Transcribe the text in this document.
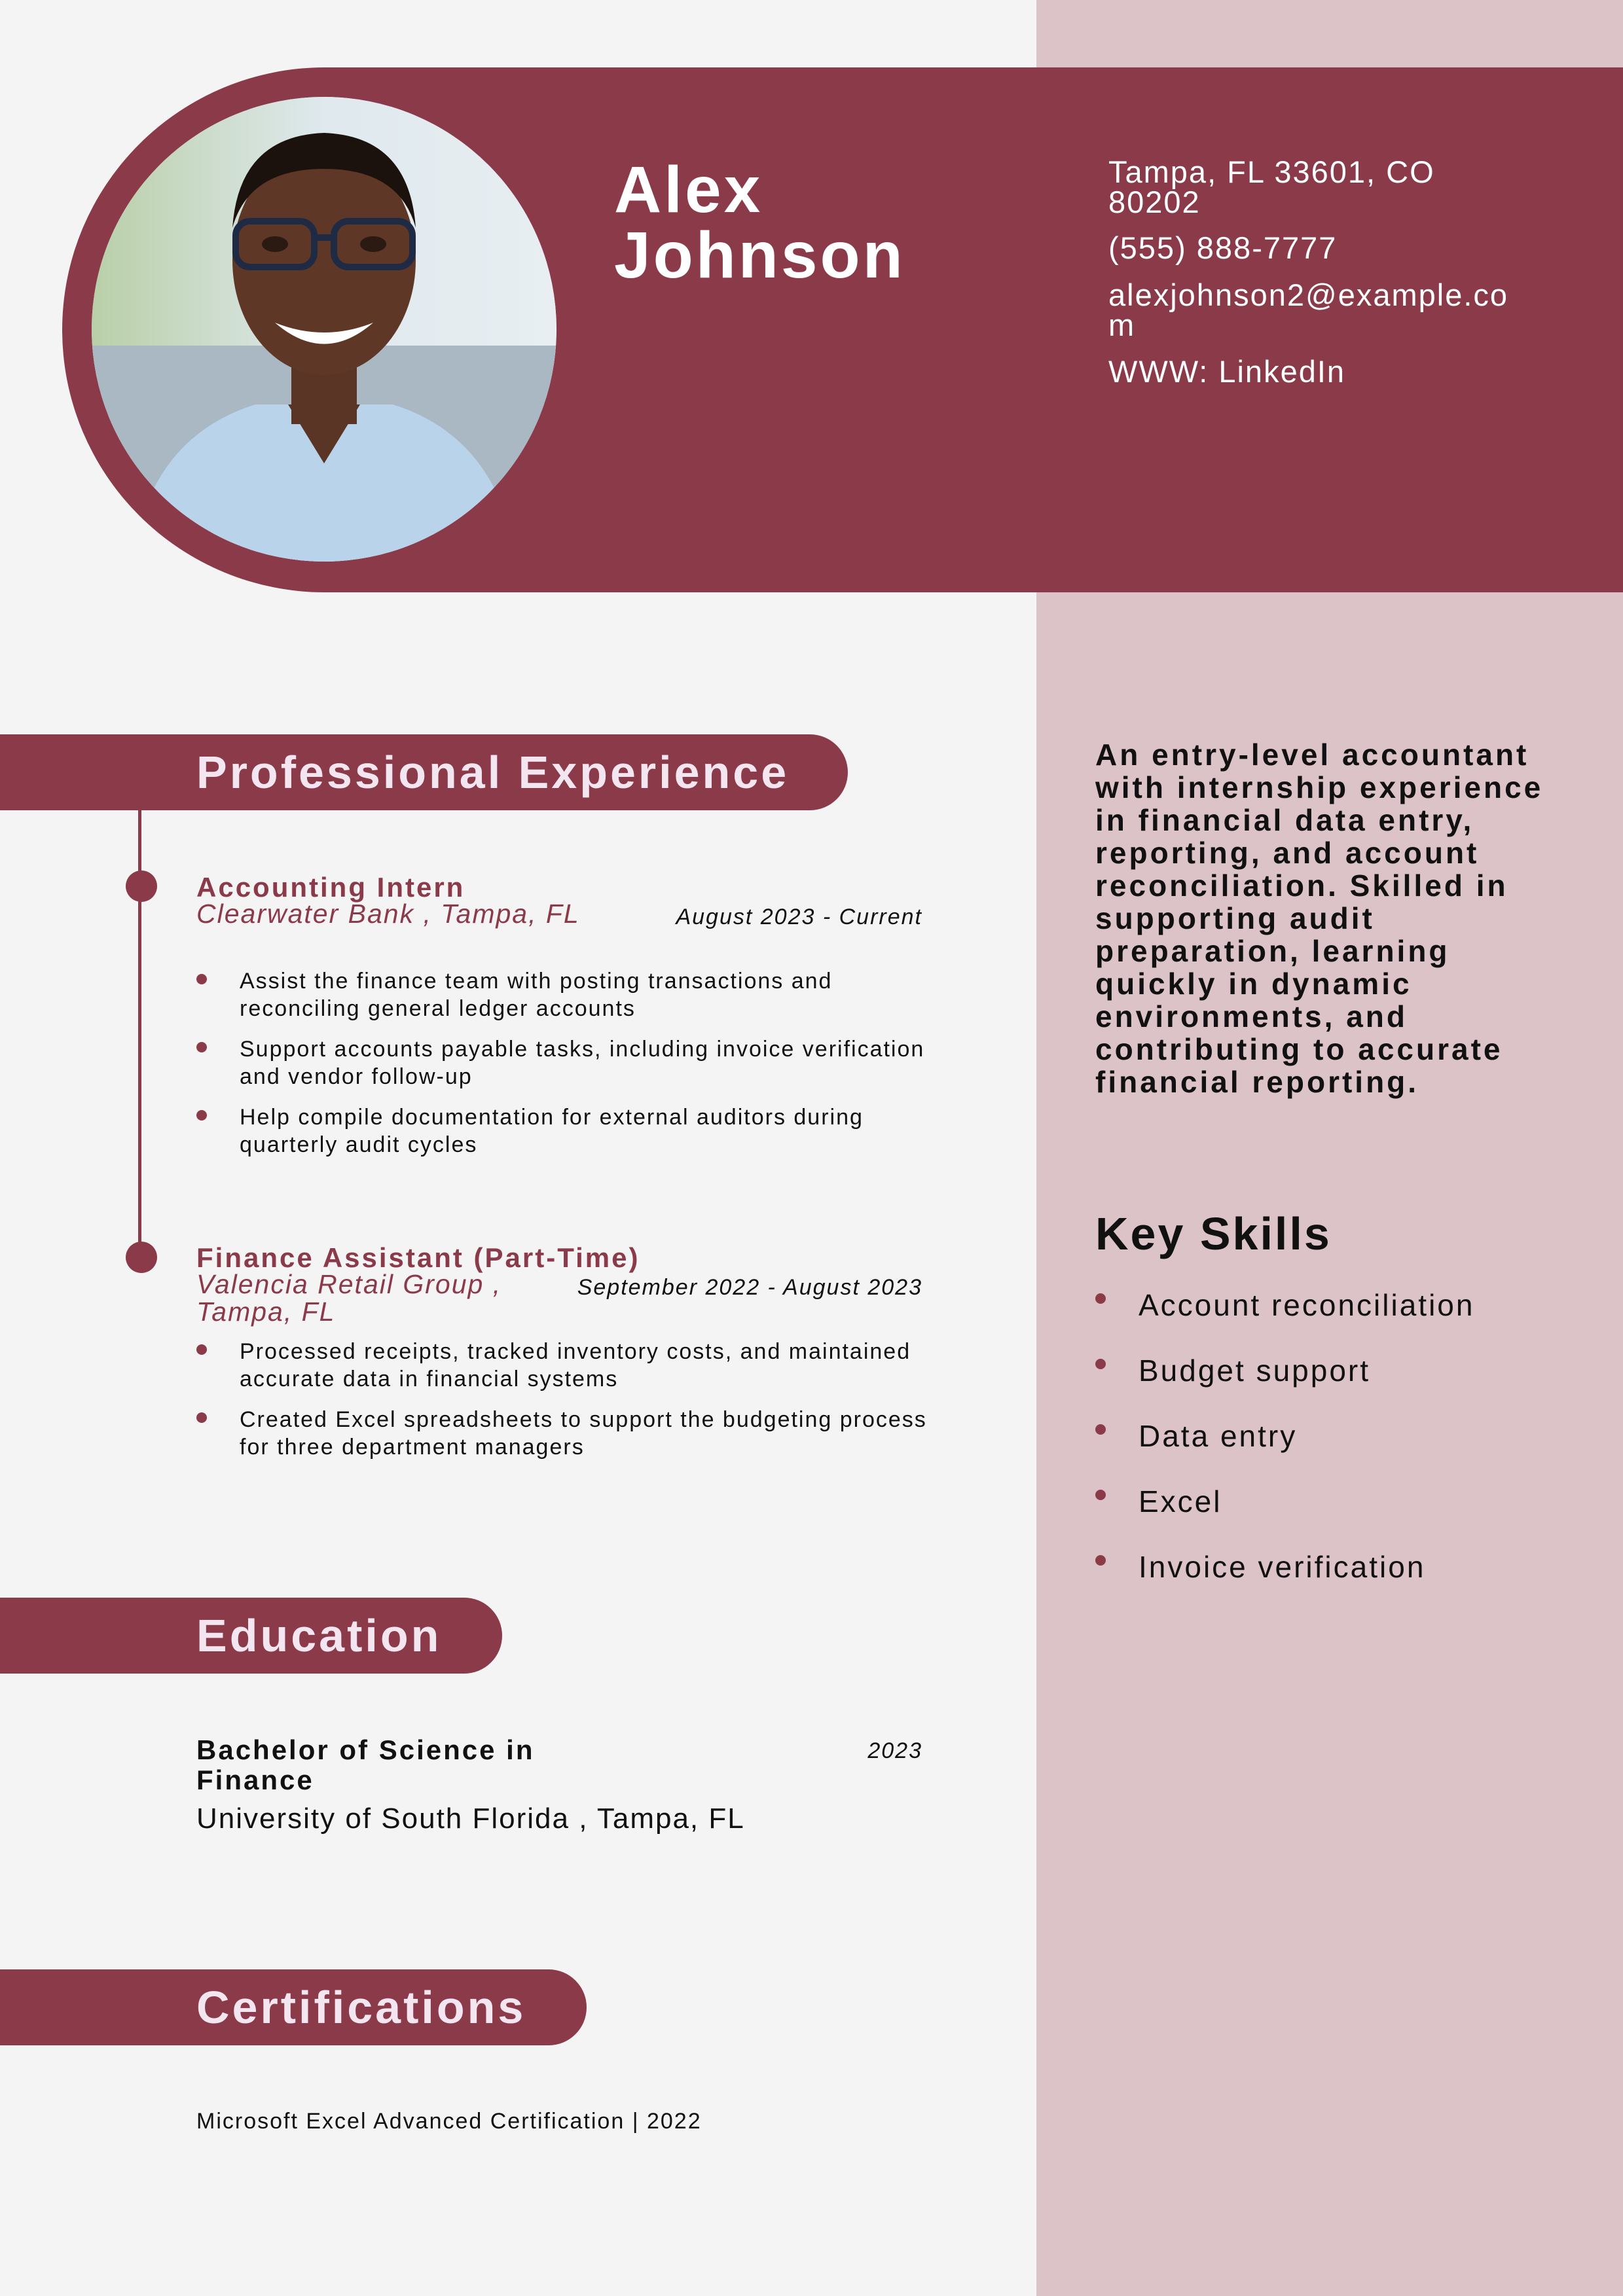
Alex
Johnson
Tampa, FL 33601, CO 80202
(555) 888-7777
alexjohnson2@example.com
WWW: LinkedIn
Professional Experience
Accounting Intern
Clearwater Bank , Tampa, FL	August 2023 - Current
Assist the finance team with posting transactions and reconciling general ledger accounts
Support accounts payable tasks, including invoice verification and vendor follow-up
Help compile documentation for external auditors during quarterly audit cycles
Finance Assistant (Part-Time)
Valencia Retail Group , Tampa, FL
September 2022 - August 2023
Processed receipts, tracked inventory costs, and maintained accurate data in financial systems
Created Excel spreadsheets to support the budgeting process for three department managers
Education
Bachelor of Science in Finance
2023
University of South Florida , Tampa, FL
Certifications
Microsoft Excel Advanced Certification | 2022
An entry-level accountant with internship experience in financial data entry, reporting, and account reconciliation. Skilled in supporting audit preparation, learning quickly in dynamic environments, and contributing to accurate financial reporting.
Key Skills
Account reconciliation
Budget support
Data entry
Excel
Invoice verification
